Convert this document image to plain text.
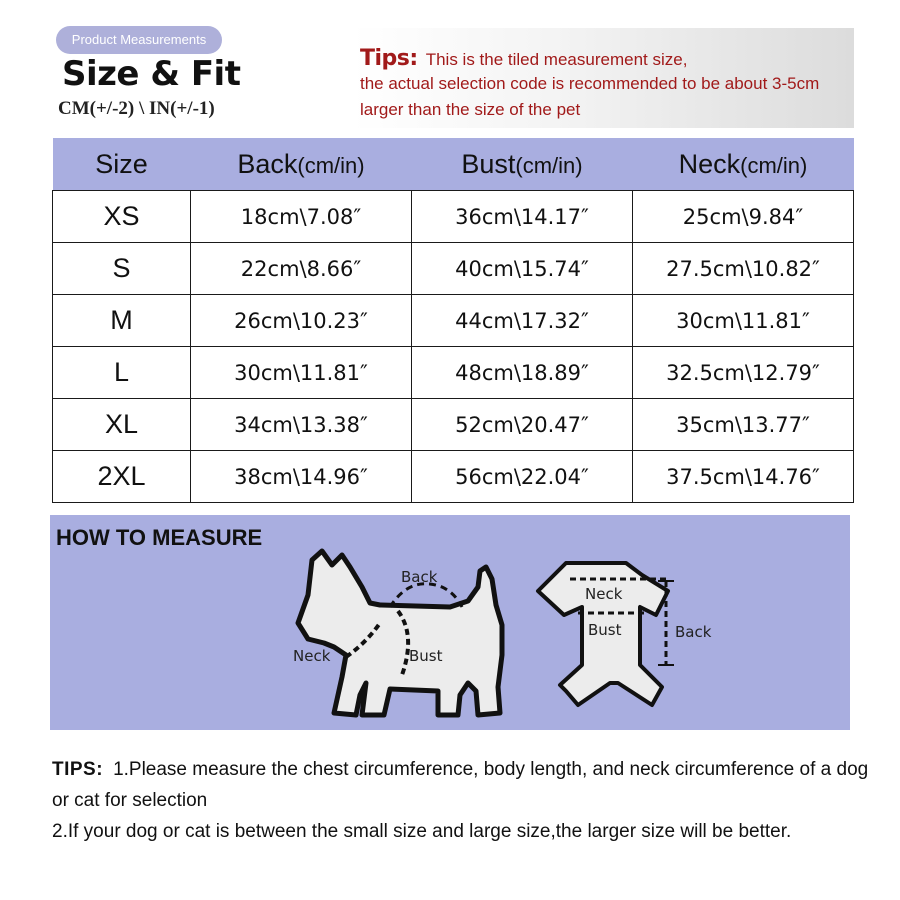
Product Measurements
Size & Fit
CM(+/-2) \ IN(+/-1)
Tips: This is the tiled measurement size,
the actual selection code is recommended to be about 3-5cm
larger than the size of the pet
Size	Back(cm/in)	Bust(cm/in)	Neck(cm/in)
XS	18cm\7.08″	36cm\14.17″	25cm\9.84″
S	22cm\8.66″	40cm\15.74″	27.5cm\10.82″
M	26cm\10.23″	44cm\17.32″	30cm\11.81″
L	30cm\11.81″	48cm\18.89″	32.5cm\12.79″
XL	34cm\13.38″	52cm\20.47″	35cm\13.77″
2XL	38cm\14.96″	56cm\22.04″	37.5cm\14.76″
HOW TO MEASURE
Back
Neck	Bust
Neck
Bust	Back
TIPS: 1.Please measure the chest circumference, body length, and neck circumference of a dog or cat for selection
2.If your dog or cat is between the small size and large size,the larger size will be better.
